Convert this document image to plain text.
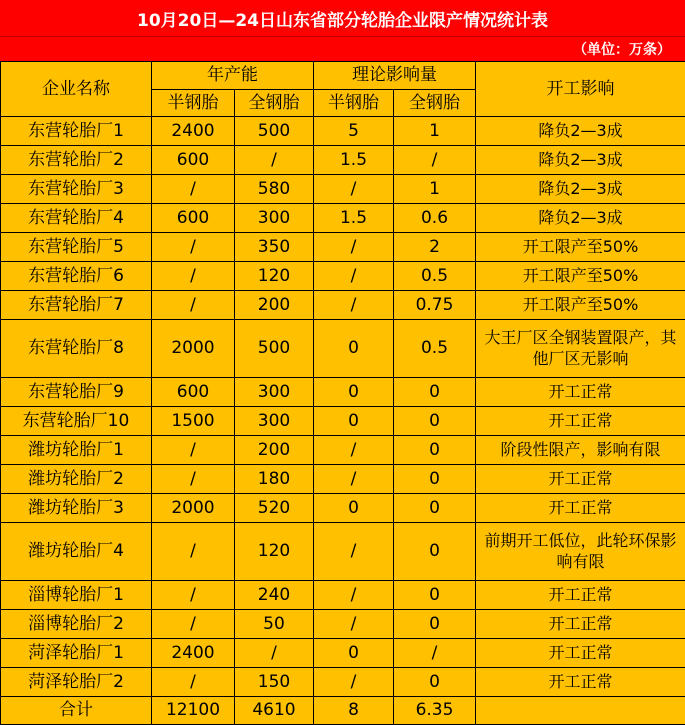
10月20日—24日山东省部分轮胎企业限产情况统计表
（单位：万条）
企业名称	年产能		理论影响量		开工影响
	半钢胎	全钢胎	半钢胎	全钢胎	
东营轮胎厂1	2400	500	5	1	降负2—3成
东营轮胎厂2	600	/	1.5	/	降负2—3成
东营轮胎厂3	/	580	/	1	降负2—3成
东营轮胎厂4	600	300	1.5	0.6	降负2—3成
东营轮胎厂5	/	350	/	2	开工限产至50%
东营轮胎厂6	/	120	/	0.5	开工限产至50%
东营轮胎厂7	/	200	/	0.75	开工限产至50%
东营轮胎厂8	2000	500	0	0.5	大王厂区全钢装置限产，其他厂区无影响
东营轮胎厂9	600	300	0	0	开工正常
东营轮胎厂10	1500	300	0	0	开工正常
潍坊轮胎厂1	/	200	/	0	阶段性限产，影响有限
潍坊轮胎厂2	/	180	/	0	开工正常
潍坊轮胎厂3	2000	520	0	0	开工正常
潍坊轮胎厂4	/	120	/	0	前期开工低位，此轮环保影响有限
淄博轮胎厂1	/	240	/	0	开工正常
淄博轮胎厂2	/	50	/	0	开工正常
菏泽轮胎厂1	2400	/	0	/	开工正常
菏泽轮胎厂2	/	150	/	0	开工正常
合计	12100	4610	8	6.35	
